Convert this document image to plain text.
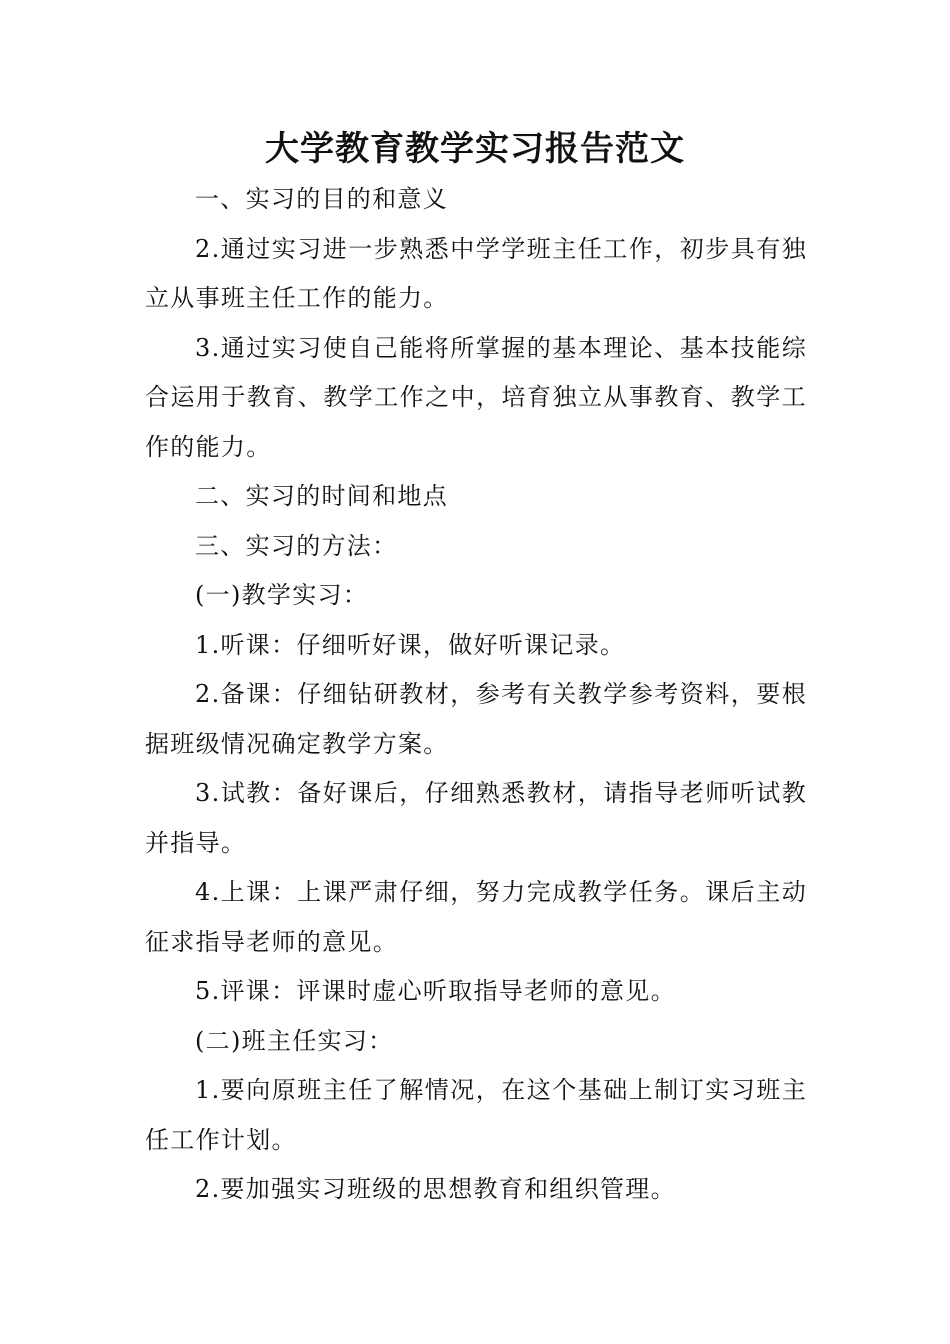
大学教育教学实习报告范文

一、实习的目的和意义

2.通过实习进一步熟悉中学学班主任工作，初步具有独立从事班主任工作的能力。

3.通过实习使自己能将所掌握的基本理论、基本技能综合运用于教育、教学工作之中，培育独立从事教育、教学工作的能力。

二、实习的时间和地点

三、实习的方法：

(一)教学实习：

1.听课：仔细听好课，做好听课记录。

2.备课：仔细钻研教材，参考有关教学参考资料，要根据班级情况确定教学方案。

3.试教：备好课后，仔细熟悉教材，请指导老师听试教并指导。

4.上课：上课严肃仔细，努力完成教学任务。课后主动征求指导老师的意见。

5.评课：评课时虚心听取指导老师的意见。

(二)班主任实习：

1.要向原班主任了解情况，在这个基础上制订实习班主任工作计划。

2.要加强实习班级的思想教育和组织管理。
